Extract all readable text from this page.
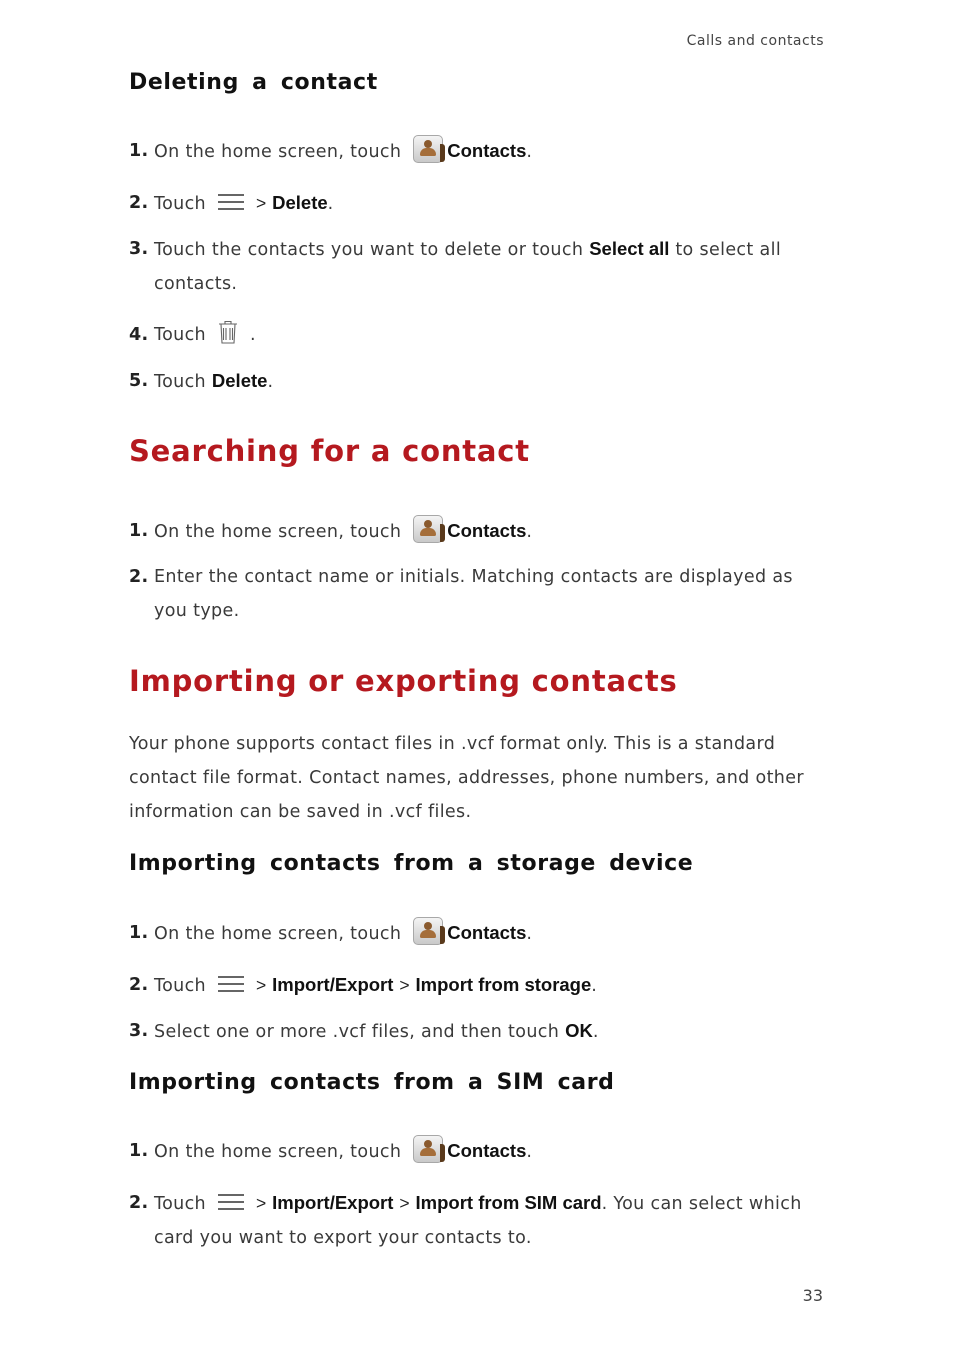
Calls and contacts
Deleting a contact
1. On the home screen, touch Contacts.
2. Touch	> Delete.
3. Touch the contacts you want to delete or touch Select all to select all contacts.
4. Touch	.
5. Touch Delete.
Searching for a contact
1. On the home screen, touch Contacts.
2. Enter the contact name or initials. Matching contacts are displayed as you type.
Importing or exporting contacts

Your phone supports contact files in .vcf format only. This is a standard contact file format. Contact names, addresses, phone numbers, and other information can be saved in .vcf files.

Importing contacts from a storage device
1. On the home screen, touch Contacts.
2. Touch	> Import/Export > Import from storage.
3. Select one or more .vcf files, and then touch OK.
Importing contacts from a SIM card
1. On the home screen, touch Contacts.
2. Touch	> Import/Export > Import from SIM card. You can select which card you want to export your contacts to.
33
